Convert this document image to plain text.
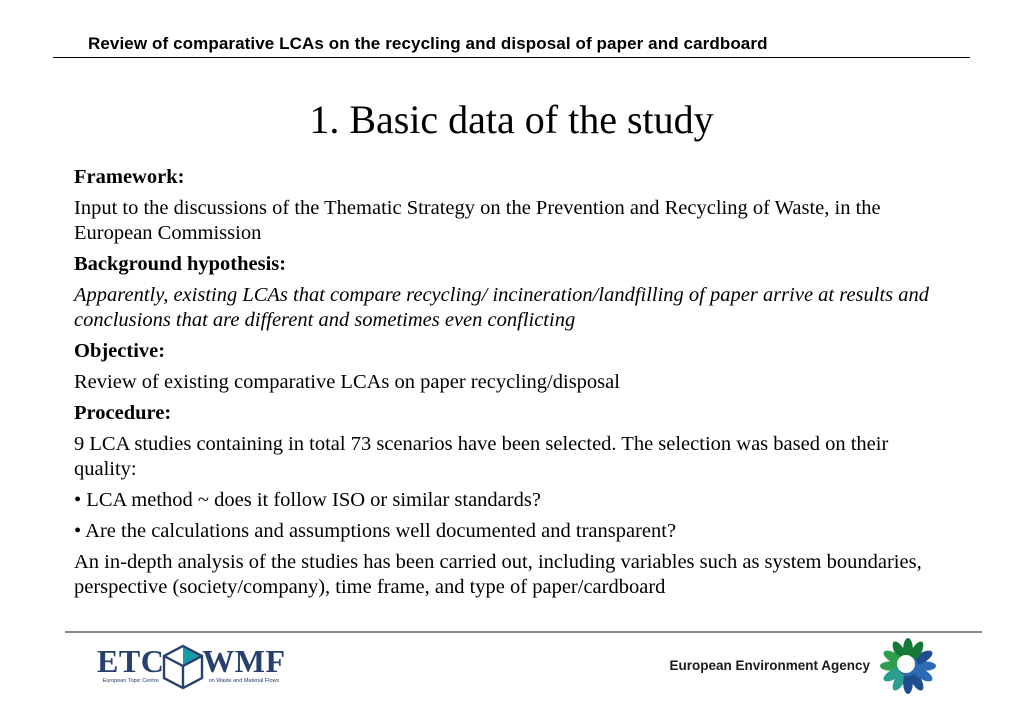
Review of comparative LCAs on the recycling and disposal of paper and cardboard
1. Basic data of the study

Framework:

Input to the discussions of the Thematic Strategy on the Prevention and Recycling of Waste, in the European Commission

Background hypothesis:

Apparently, existing LCAs that compare recycling/ incineration/landfilling of paper arrive at results and conclusions that are different and sometimes even conflicting

Objective:

Review of existing comparative LCAs on paper recycling/disposal

Procedure:

9 LCA studies containing in total 73 scenarios have been selected. The selection was based on their quality:

• LCA method ~ does it follow ISO or similar standards?

• Are the calculations and assumptions well documented and transparent?

An in-depth analysis of the studies has been carried out, including variables such as system boundaries, perspective (society/company), time frame, and type of paper/cardboard

ETC
European Topic Centre
WMF
on Waste and Material Flows
European Environment Agency
